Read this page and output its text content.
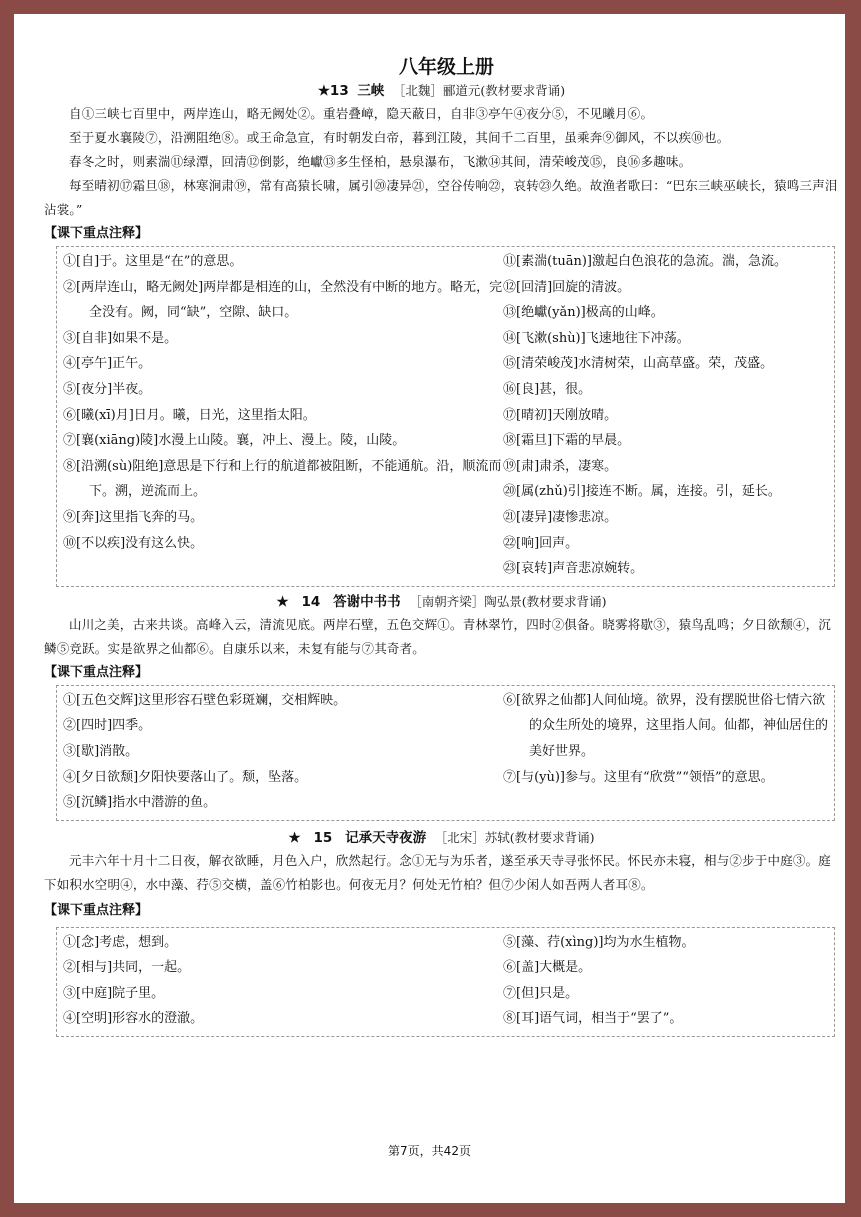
八年级上册
★13 三峡 ［北魏］郦道元(教材要求背诵)

自①三峡七百里中，两岸连山，略无阙处②。重岩叠嶂，隐天蔽日，自非③亭午④夜分⑤，不见曦月⑥。

至于夏水襄陵⑦，沿溯阻绝⑧。或王命急宣，有时朝发白帝，暮到江陵，其间千二百里，虽乘奔⑨御风，不以疾⑩也。

春冬之时，则素湍⑪绿潭，回清⑫倒影，绝巘⑬多生怪柏，悬泉瀑布，飞漱⑭其间，清荣峻茂⑮，良⑯多趣味。

每至晴初⑰霜旦⑱，林寒涧肃⑲，常有高猿长啸，属引⑳凄异㉑，空谷传响㉒，哀转㉓久绝。故渔者歌曰：“巴东三峡巫峡长，猿鸣三声泪沾裳。”

【课下重点注释】
①[自]于。这里是“在”的意思。
②[两岸连山，略无阙处]两岸都是相连的山，全然没有中断的地方。略无，完全没有。阙，同“缺”，空隙、缺口。
③[自非]如果不是。
④[亭午]正午。
⑤[夜分]半夜。
⑥[曦(xī)月]日月。曦，日光，这里指太阳。
⑦[襄(xiāng)陵]水漫上山陵。襄，冲上、漫上。陵，山陵。
⑧[沿溯(sù)阻绝]意思是下行和上行的航道都被阻断，不能通航。沿，顺流而下。溯，逆流而上。
⑨[奔]这里指飞奔的马。
⑩[不以疾]没有这么快。
⑪[素湍(tuān)]激起白色浪花的急流。湍，急流。
⑫[回清]回旋的清波。
⑬[绝巘(yǎn)]极高的山峰。
⑭[飞漱(shù)]飞速地往下冲荡。
⑮[清荣峻茂]水清树荣，山高草盛。荣，茂盛。
⑯[良]甚，很。
⑰[晴初]天刚放晴。
⑱[霜旦]下霜的早晨。
⑲[肃]肃杀，凄寒。
⑳[属(zhǔ)引]接连不断。属，连接。引，延长。
㉑[凄异]凄惨悲凉。
㉒[响]回声。
㉓[哀转]声音悲凉婉转。
★ 14 答谢中书书 ［南朝齐梁］陶弘景(教材要求背诵)

山川之美，古来共谈。高峰入云，清流见底。两岸石壁，五色交辉①。青林翠竹，四时②俱备。晓雾将歇③，猿鸟乱鸣；夕日欲颓④，沉鳞⑤竞跃。实是欲界之仙都⑥。自康乐以来，未复有能与⑦其奇者。

【课下重点注释】
①[五色交辉]这里形容石壁色彩斑斓，交相辉映。
②[四时]四季。
③[歇]消散。
④[夕日欲颓]夕阳快要落山了。颓，坠落。
⑤[沉鳞]指水中潜游的鱼。
⑥[欲界之仙都]人间仙境。欲界，没有摆脱世俗七情六欲的众生所处的境界，这里指人间。仙都，神仙居住的美好世界。
⑦[与(yù)]参与。这里有“欣赏”“领悟”的意思。
★ 15 记承天寺夜游 ［北宋］苏轼(教材要求背诵)

元丰六年十月十二日夜，解衣欲睡，月色入户，欣然起行。念①无与为乐者，遂至承天寺寻张怀民。怀民亦未寝，相与②步于中庭③。庭下如积水空明④，水中藻、荇⑤交横，盖⑥竹柏影也。何夜无月？何处无竹柏？但⑦少闲人如吾两人者耳⑧。

【课下重点注释】
①[念]考虑，想到。
②[相与]共同，一起。
③[中庭]院子里。
④[空明]形容水的澄澈。
⑤[藻、荇(xìng)]均为水生植物。
⑥[盖]大概是。
⑦[但]只是。
⑧[耳]语气词，相当于“罢了”。
第7页，共42页
